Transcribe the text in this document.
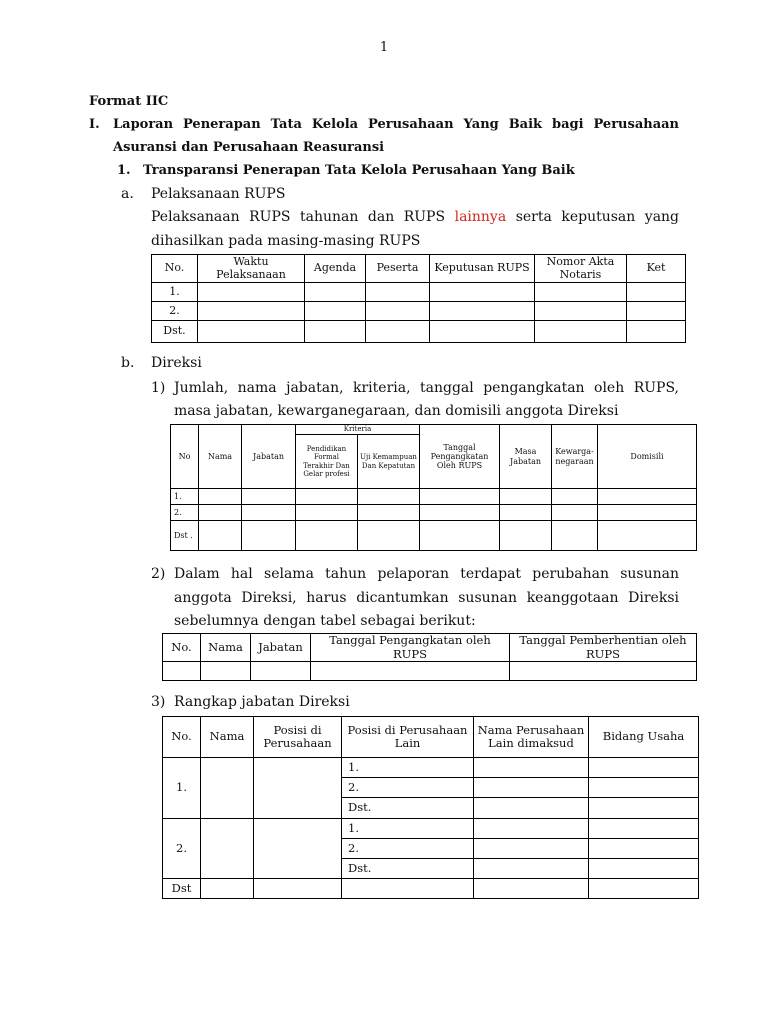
1
Format IIC
I. Laporan Penerapan Tata Kelola Perusahaan Yang Baik bagi Perusahaan
Asuransi dan Perusahaan Reasuransi
1. Transparansi Penerapan Tata Kelola Perusahaan Yang Baik
a. Pelaksanaan RUPS
Pelaksanaan RUPS tahunan dan RUPS lainnya serta keputusan yang
dihasilkan pada masing-masing RUPS
No.	Waktu Pelaksanaan	Agenda	Peserta	Keputusan RUPS	Nomor Akta Notaris	Ket
1.						
2.						
Dst.						
b. Direksi
1) Jumlah, nama jabatan, kriteria, tanggal pengangkatan oleh RUPS,
masa jabatan, kewarganegaraan, dan domisili anggota Direksi
No	Nama	Jabatan	Kriteria		Tanggal Pengangkatan Oleh RUPS	Masa Jabatan	Kewarga-negaraan	Domisili
			Pendidikan Formal Terakhir Dan Gelar profesi	Uji Kemampuan Dan Kepatutan				
1.								
2.								
Dst .								
2) Dalam hal selama tahun pelaporan terdapat perubahan susunan
anggota Direksi, harus dicantumkan susunan keanggotaan Direksi
sebelumnya dengan tabel sebagai berikut:
No.	Nama	Jabatan	Tanggal Pengangkatan oleh RUPS	Tanggal Pemberhentian oleh RUPS

3) Rangkap jabatan Direksi
No.	Nama	Posisi di Perusahaan	Posisi di Perusahaan Lain	Nama Perusahaan Lain dimaksud	Bidang Usaha
1.			1.		
			2.		
			Dst.		
2.			1.		
			2.		
			Dst.		
Dst					
